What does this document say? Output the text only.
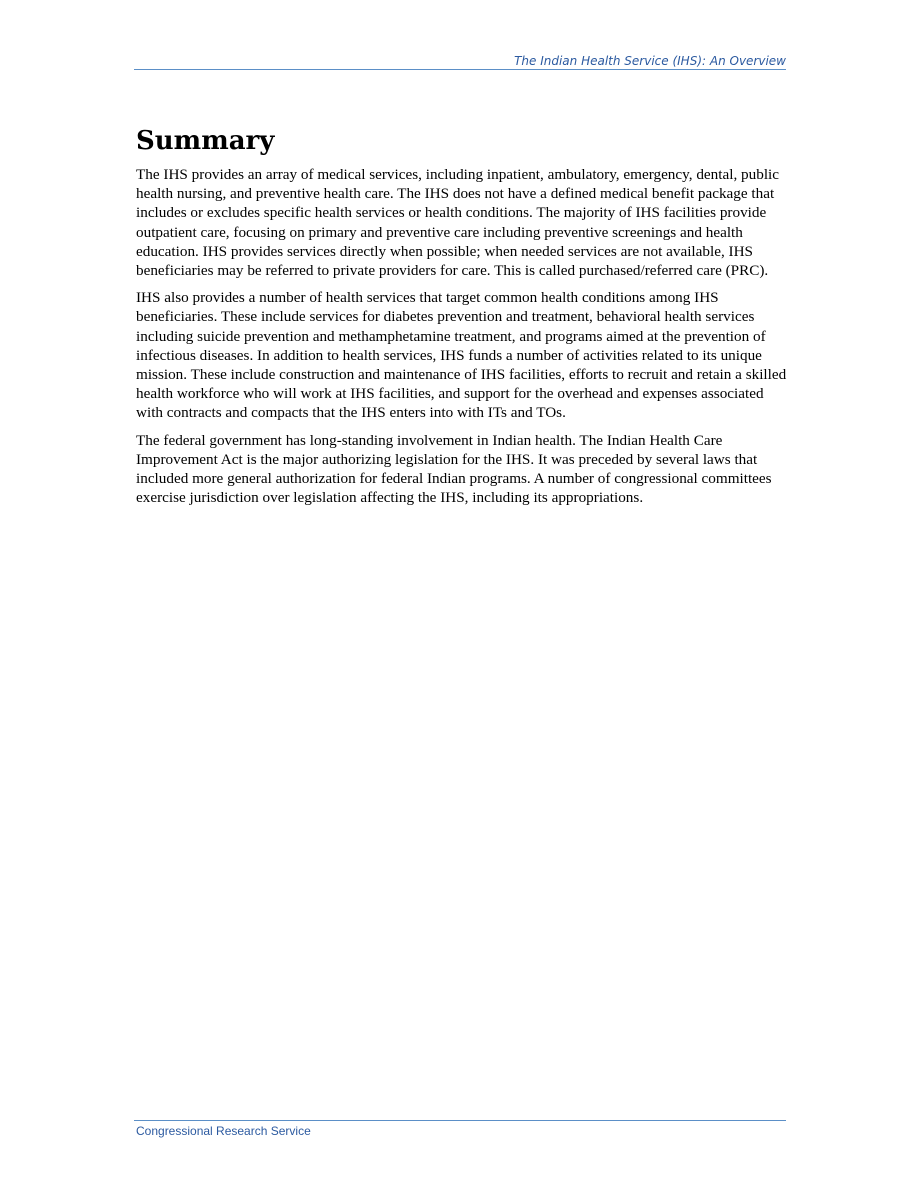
The Indian Health Service (IHS): An Overview
Summary

The IHS provides an array of medical services, including inpatient, ambulatory, emergency, dental, public health nursing, and preventive health care. The IHS does not have a defined medical benefit package that includes or excludes specific health services or health conditions. The majority of IHS facilities provide outpatient care, focusing on primary and preventive care including preventive screenings and health education. IHS provides services directly when possible; when needed services are not available, IHS beneficiaries may be referred to private providers for care. This is called purchased/referred care (PRC).

IHS also provides a number of health services that target common health conditions among IHS beneficiaries. These include services for diabetes prevention and treatment, behavioral health services including suicide prevention and methamphetamine treatment, and programs aimed at the prevention of infectious diseases. In addition to health services, IHS funds a number of activities related to its unique mission. These include construction and maintenance of IHS facilities, efforts to recruit and retain a skilled health workforce who will work at IHS facilities, and support for the overhead and expenses associated with contracts and compacts that the IHS enters into with ITs and TOs.

The federal government has long-standing involvement in Indian health. The Indian Health Care Improvement Act is the major authorizing legislation for the IHS. It was preceded by several laws that included more general authorization for federal Indian programs. A number of congressional committees exercise jurisdiction over legislation affecting the IHS, including its appropriations.

Congressional Research Service
